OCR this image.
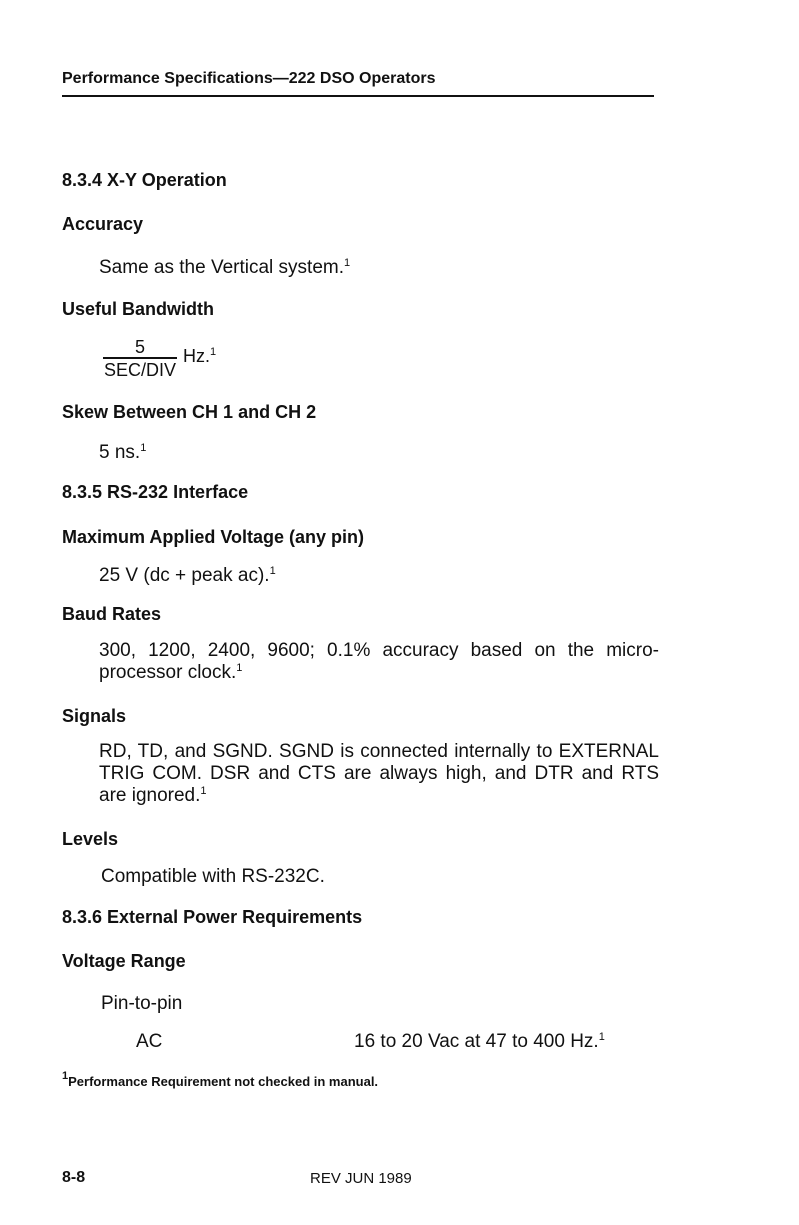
Performance Specifications—222 DSO Operators
8.3.4 X-Y Operation
Accuracy
Same as the Vertical system.$^1$
Useful Bandwidth
5
SEC/DIV
Hz.$^1$
Skew Between CH 1 and CH 2
5 ns.$^1$
8.3.5 RS-232 Interface
Maximum Applied Voltage (any pin)
25 V (dc + peak ac).$^1$
Baud Rates
300, 1200, 2400, 9600; 0.1% accuracy based on the micro-processor clock.$^1$
Signals
RD, TD, and SGND. SGND is connected internally to EXTERNAL TRIG COM. DSR and CTS are always high, and DTR and RTS are ignored.$^1$
Levels
Compatible with RS-232C.
8.3.6 External Power Requirements
Voltage Range
Pin-to-pin
AC	16 to 20 Vac at 47 to 400 Hz.$^1$
$^1$Performance Requirement not checked in manual.
8-8	REV JUN 1989
